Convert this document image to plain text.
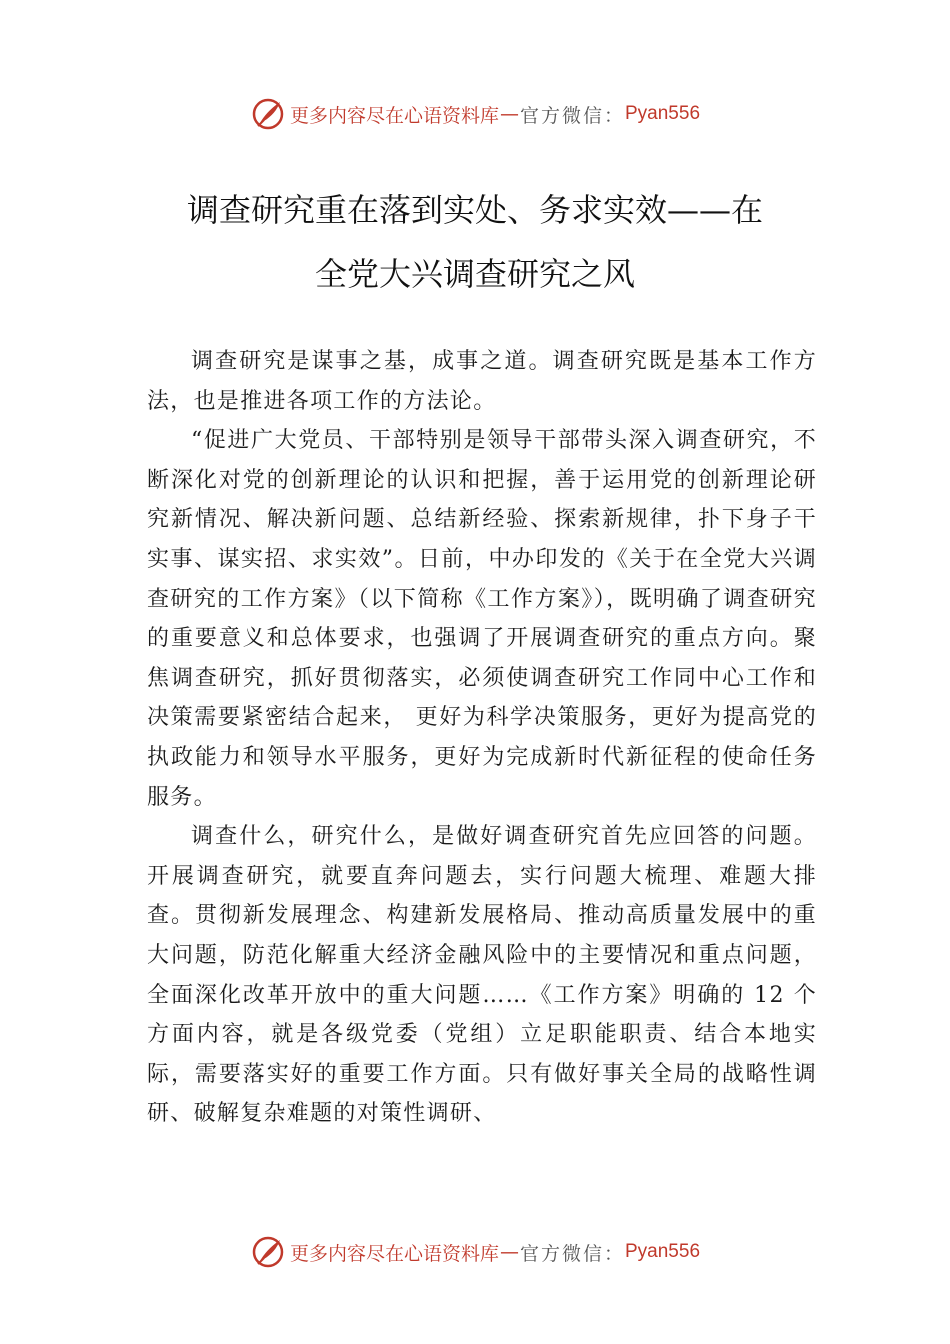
更多内容尽在心语资料库 — 官方微信： Pyan556
调查研究重在落到实处、务求实效——在
全党大兴调查研究之风

调查研究是谋事之基，成事之道。调查研究既是基本工作方法，也是推进各项工作的方法论。

“促进广大党员、干部特别是领导干部带头深入调查研究，不断深化对党的创新理论的认识和把握，善于运用党的创新理论研究新情况、解决新问题、总结新经验、探索新规律，扑下身子干实事、谋实招、求实效”。日前，中办印发的《关于在全党大兴调查研究的工作方案》（以下简称《工作方案》），既明确了调查研究的重要意义和总体要求，也强调了开展调查研究的重点方向。聚焦调查研究，抓好贯彻落实，必须使调查研究工作同中心工作和决策需要紧密结合起来， 更好为科学决策服务，更好为提高党的执政能力和领导水平服务，更好为完成新时代新征程的使命任务服务。

调查什么，研究什么，是做好调查研究首先应回答的问题。开展调查研究，就要直奔问题去，实行问题大梳理、难题大排查。贯彻新发展理念、构建新发展格局、推动高质量发展中的重大问题，防范化解重大经济金融风险中的主要情况和重点问题，全面深化改革开放中的重大问题……《工作方案》明确的 12 个方面内容，就是各级党委（党组）立足职能职责、结合本地实际，需要落实好的重要工作方面。只有做好事关全局的战略性调研、破解复杂难题的对策性调研、

更多内容尽在心语资料库 — 官方微信： Pyan556
